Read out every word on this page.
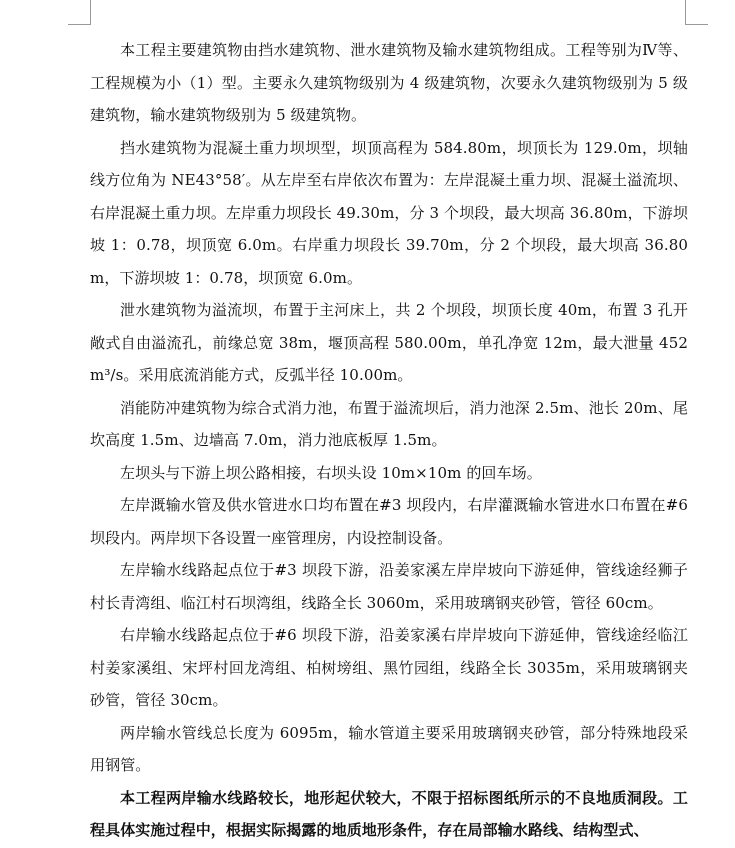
本工程主要建筑物由挡水建筑物、泄水建筑物及输水建筑物组成。工程等别为Ⅳ等、工程规模为小（1）型。主要永久建筑物级别为 4 级建筑物，次要永久建筑物级别为 5 级建筑物，输水建筑物级别为 5 级建筑物。

挡水建筑物为混凝土重力坝坝型，坝顶高程为 584.80m，坝顶长为 129.0m，坝轴线方位角为 NE43°58′。从左岸至右岸依次布置为：左岸混凝土重力坝、混凝土溢流坝、右岸混凝土重力坝。左岸重力坝段长 49.30m，分 3 个坝段，最大坝高 36.80m，下游坝坡 1：0.78，坝顶宽 6.0m。右岸重力坝段长 39.70m，分 2 个坝段，最大坝高 36.80m，下游坝坡 1：0.78，坝顶宽 6.0m。

泄水建筑物为溢流坝，布置于主河床上，共 2 个坝段，坝顶长度 40m，布置 3 孔开敞式自由溢流孔，前缘总宽 38m，堰顶高程 580.00m，单孔净宽 12m，最大泄量 452m³/s。采用底流消能方式，反弧半径 10.00m。

消能防冲建筑物为综合式消力池，布置于溢流坝后，消力池深 2.5m、池长 20m、尾坎高度 1.5m、边墙高 7.0m，消力池底板厚 1.5m。

左坝头与下游上坝公路相接，右坝头设 10m×10m 的回车场。

左岸溉输水管及供水管进水口均布置在#3 坝段内，右岸灌溉输水管进水口布置在#6 坝段内。两岸坝下各设置一座管理房，内设控制设备。

左岸输水线路起点位于#3 坝段下游，沿姜家溪左岸岸坡向下游延伸，管线途经狮子村长青湾组、临江村石坝湾组，线路全长 3060m，采用玻璃钢夹砂管，管径 60cm。

右岸输水线路起点位于#6 坝段下游，沿姜家溪右岸岸坡向下游延伸，管线途经临江村姜家溪组、宋坪村回龙湾组、柏树塝组、黑竹园组，线路全长 3035m，采用玻璃钢夹砂管，管径 30cm。

两岸输水管线总长度为 6095m，输水管道主要采用玻璃钢夹砂管，部分特殊地段采用钢管。

本工程两岸输水线路较长，地形起伏较大，不限于招标图纸所示的不良地质洞段。工程具体实施过程中，根据实际揭露的地质地形条件，存在局部输水路线、结构型式、
